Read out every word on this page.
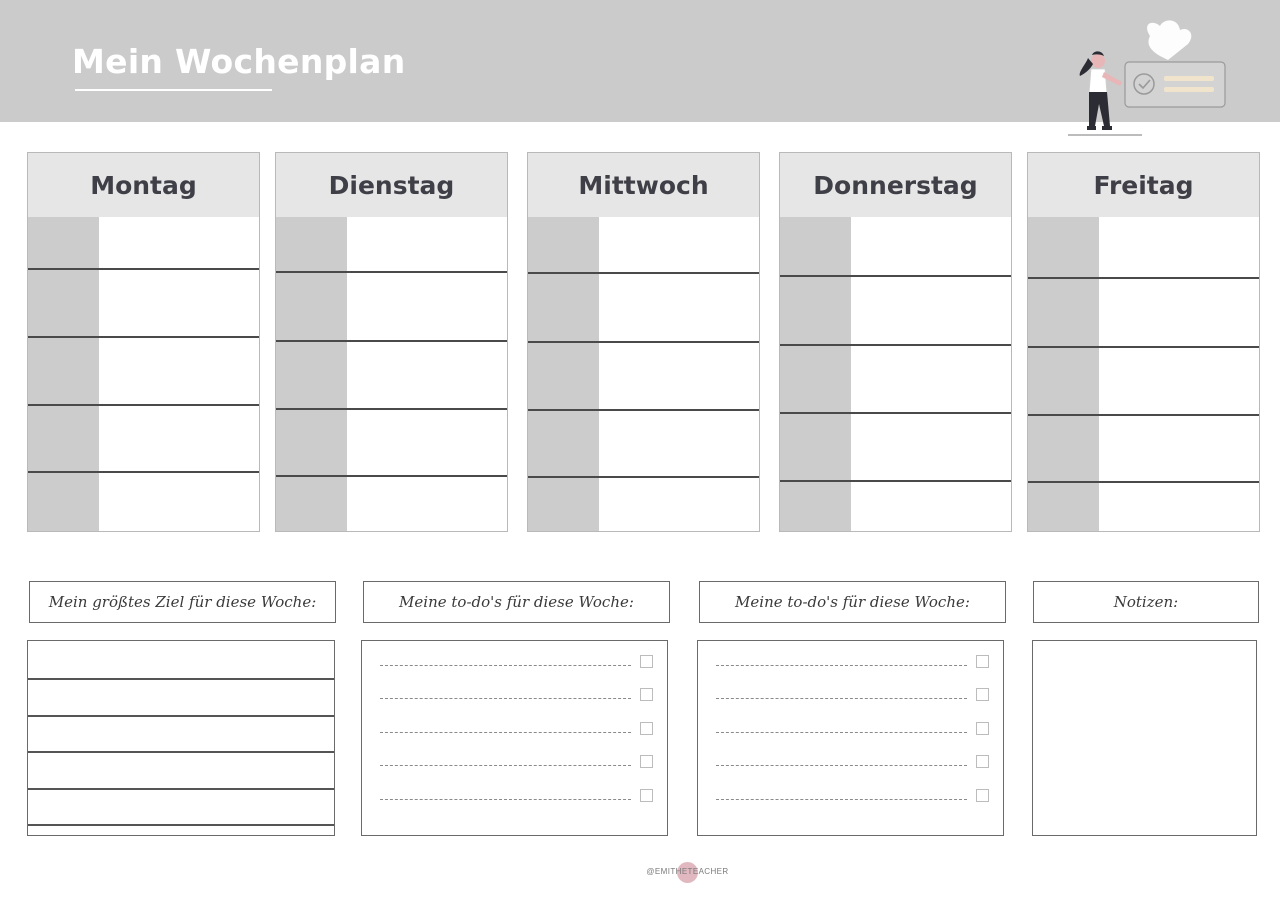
Mein Wochenplan
Montag	Dienstag	Mittwoch	Donnerstag	Freitag
Mein größtes Ziel für diese Woche:	Meine to-do's für diese Woche:	Meine to-do's für diese Woche:	Notizen:
@EMITHETEACHER
